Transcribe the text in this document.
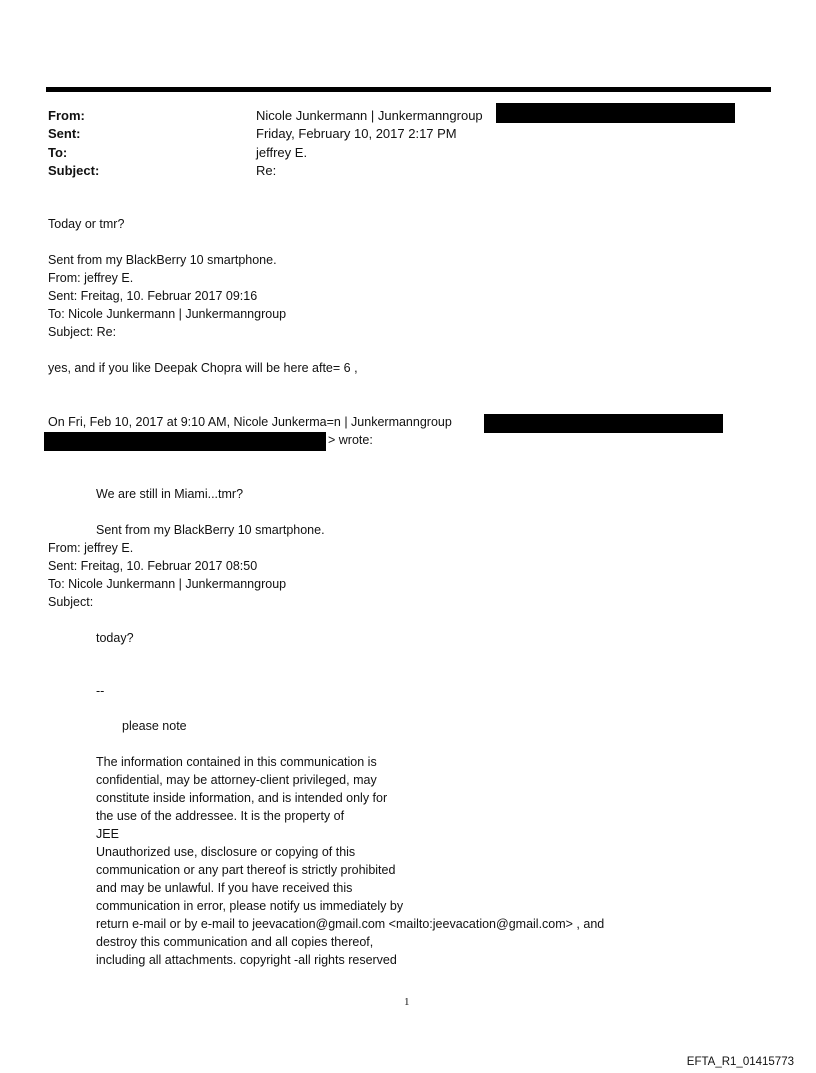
From:	Nicole Junkermann | Junkermanngroup
Sent:	Friday, February 10, 2017 2:17 PM
To:	jeffrey E.
Subject:	Re:
Today or tmr?
Sent from my BlackBerry 10 smartphone.
From: jeffrey E.
Sent: Freitag, 10. Februar 2017 09:16
To: Nicole Junkermann | Junkermanngroup
Subject: Re:
yes, and if you like Deepak Chopra will be here afte= 6 ,
On Fri, Feb 10, 2017 at 9:10 AM, Nicole Junkerma=n | Junkermanngroup
> wrote:
We are still in Miami...tmr?
Sent from my BlackBerry 10 smartphone.
From: jeffrey E.
Sent: Freitag, 10. Februar 2017 08:50
To: Nicole Junkermann | Junkermanngroup
Subject:
today?
--
please note
The information contained in this communication is
confidential, may be attorney-client privileged, may
constitute inside information, and is intended only for
the use of the addressee. It is the property of
JEE
Unauthorized use, disclosure or copying of this
communication or any part thereof is strictly prohibited
and may be unlawful. If you have received this
communication in error, please notify us immediately by
return e-mail or by e-mail to jeevacation@gmail.com <mailto:jeevacation@gmail.com> , and
destroy this communication and all copies thereof,
including all attachments. copyright -all rights reserved
1
EFTA_R1_01415773
